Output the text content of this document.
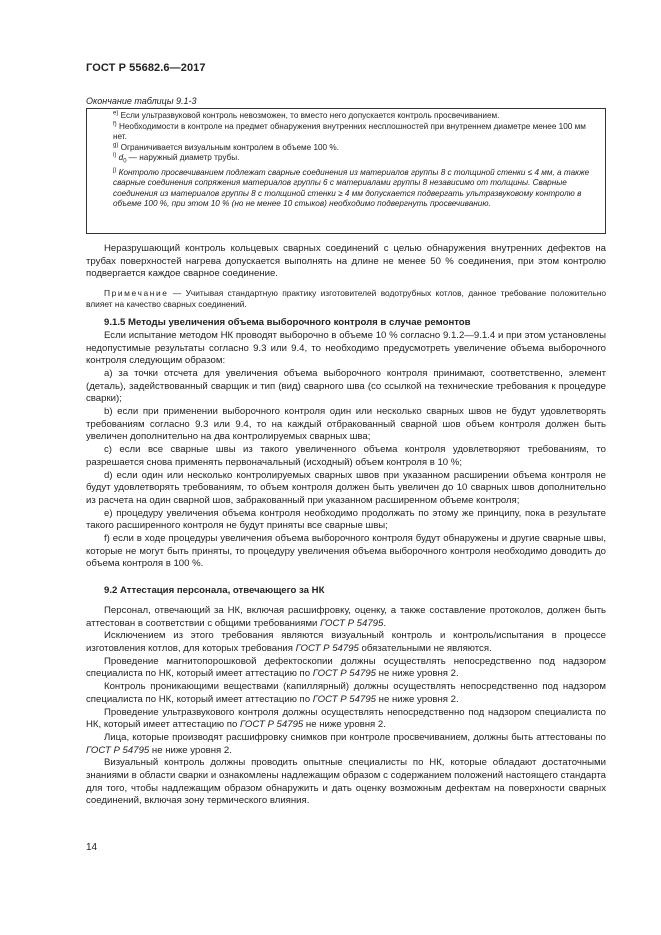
ГОСТ Р 55682.6—2017
Окончание таблицы 9.1-3

$^{е)}$ Если ультразвуковой контроль невозможен, то вместо него допускается контроль просвечиванием.

$^{f)}$ Необходимости в контроле на предмет обнаружения внутренних несплошностей при внутреннем диаметре менее 100 мм нет.

$^{g)}$ Ограничивается визуальным контролем в объеме 100 %.

$^{i)}$ $d_0$ — наружный диаметр трубы.

$^{j)}$ Контролю просвечиванием подлежат сварные соединения из материалов группы 8 с толщиной стенки ≤ 4 мм, а также сварные соединения сопряжения материалов группы 6 с материалами группы 8 независимо от толщины. Сварные соединения из материалов группы 8 с толщиной стенки ≥ 4 мм допускается подвергать ультразвуковому контролю в объеме 100 %, при этом 10 % (но не менее 10 стыков) необходимо подвергнуть просвечиванию.

Неразрушающий контроль кольцевых сварных соединений с целью обнаружения внутренних дефектов на трубах поверхностей нагрева допускается выполнять на длине не менее 50 % соединения, при этом контролю подвергается каждое сварное соединение.

Примечание — Учитывая стандартную практику изготовителей водотрубных котлов, данное требование положительно влияет на качество сварных соединений.

9.1.5 Методы увеличения объема выборочного контроля в случае ремонтов

Если испытание методом НК проводят выборочно в объеме 10 % согласно 9.1.2—9.1.4 и при этом установлены недопустимые результаты согласно 9.3 или 9.4, то необходимо предусмотреть увеличение объема выборочного контроля следующим образом:

a) за точки отсчета для увеличения объема выборочного контроля принимают, соответственно, элемент (деталь), задействованный сварщик и тип (вид) сварного шва (со ссылкой на технические требования к процедуре сварки);

b) если при применении выборочного контроля один или несколько сварных швов не будут удовлетворять требованиям согласно 9.3 или 9.4, то на каждый отбракованный сварной шов объем контроля должен быть увеличен дополнительно на два контролируемых сварных шва;

c) если все сварные швы из такого увеличенного объема контроля удовлетворяют требованиям, то разрешается снова применять первоначальный (исходный) объем контроля в 10 %;

d) если один или несколько контролируемых сварных швов при указанном расширении объема контроля не будут удовлетворять требованиям, то объем контроля должен быть увеличен до 10 сварных швов дополнительно из расчета на один сварной шов, забракованный при указанном расширенном объеме контроля;

e) процедуру увеличения объема контроля необходимо продолжать по этому же принципу, пока в результате такого расширенного контроля не будут приняты все сварные швы;

f) если в ходе процедуры увеличения объема выборочного контроля будут обнаружены и другие сварные швы, которые не могут быть приняты, то процедуру увеличения объема выборочного контроля необходимо доводить до объема контроля в 100 %.

9.2 Аттестация персонала, отвечающего за НК

Персонал, отвечающий за НК, включая расшифровку, оценку, а также составление протоколов, должен быть аттестован в соответствии с общими требованиями ГОСТ Р 54795.

Исключением из этого требования являются визуальный контроль и контроль/испытания в процессе изготовления котлов, для которых требования ГОСТ Р 54795 обязательными не являются.

Проведение магнитопорошковой дефектоскопии должны осуществлять непосредственно под надзором специалиста по НК, который имеет аттестацию по ГОСТ Р 54795 не ниже уровня 2.

Контроль проникающими веществами (капиллярный) должны осуществлять непосредственно под надзором специалиста по НК, который имеет аттестацию по ГОСТ Р 54795 не ниже уровня 2.

Проведение ультразвукового контроля должны осуществлять непосредственно под надзором специалиста по НК, который имеет аттестацию по ГОСТ Р 54795 не ниже уровня 2.

Лица, которые производят расшифровку снимков при контроле просвечиванием, должны быть аттестованы по ГОСТ Р 54795 не ниже уровня 2.

Визуальный контроль должны проводить опытные специалисты по НК, которые обладают достаточными знаниями в области сварки и ознакомлены надлежащим образом с содержанием положений настоящего стандарта для того, чтобы надлежащим образом обнаружить и дать оценку возможным дефектам на поверхности сварных соединений, включая зону термического влияния.

14
